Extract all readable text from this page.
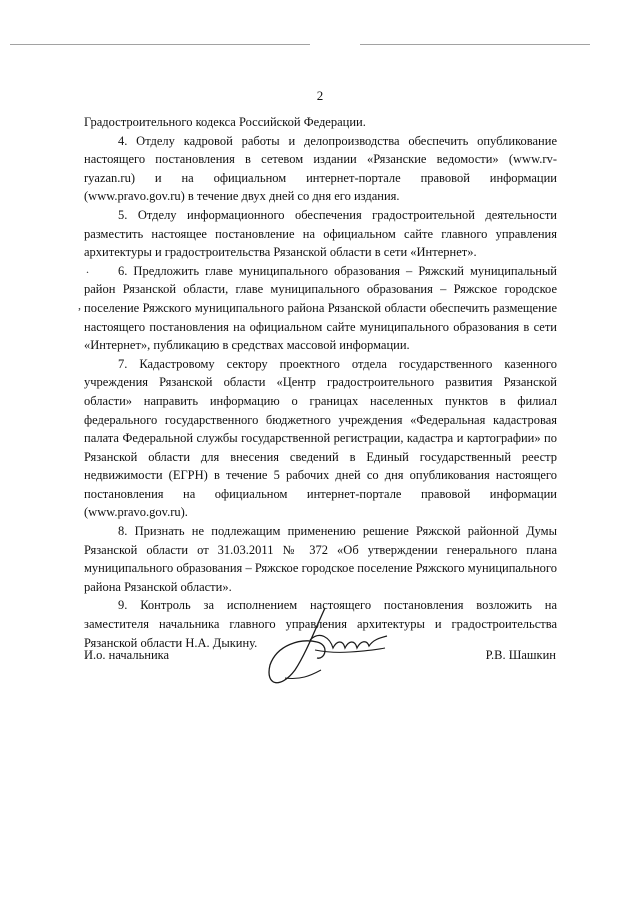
2

Градостроительного кодекса Российской Федерации.

4. Отделу кадровой работы и делопроизводства обеспечить опубликование настоящего постановления в сетевом издании «Рязанские ведомости» (www.rv-ryazan.ru) и на официальном интернет-портале правовой информации (www.pravo.gov.ru) в течение двух дней со дня его издания.

5. Отделу информационного обеспечения градостроительной деятельности разместить настоящее постановление на официальном сайте главного управления архитектуры и градостроительства Рязанской области в сети «Интернет».

6. Предложить главе муниципального образования – Ряжский муниципальный район Рязанской области, главе муниципального образования – Ряжское городское поселение Ряжского муниципального района Рязанской области обеспечить размещение настоящего постановления на официальном сайте муниципального образования в сети «Интернет», публикацию в средствах массовой информации.

7. Кадастровому сектору проектного отдела государственного казенного учреждения Рязанской области «Центр градостроительного развития Рязанской области» направить информацию о границах населенных пунктов в филиал федерального государственного бюджетного учреждения «Федеральная кадастровая палата Федеральной службы государственной регистрации, кадастра и картографии» по Рязанской области для внесения сведений в Единый государственный реестр недвижимости (ЕГРН) в течение 5 рабочих дней со дня опубликования настоящего постановления на официальном интернет-портале правовой информации (www.pravo.gov.ru).

8. Признать не подлежащим применению решение Ряжской районной Думы Рязанской области от 31.03.2011 № 372 «Об утверждении генерального плана муниципального образования – Ряжское городское поселение Ряжского муниципального района Рязанской области».

9. Контроль за исполнением настоящего постановления возложить на заместителя начальника главного управления архитектуры и градостроительства Рязанской области Н.А. Дыкину.

.
,
И.о. начальника	Р.В. Шашкин
